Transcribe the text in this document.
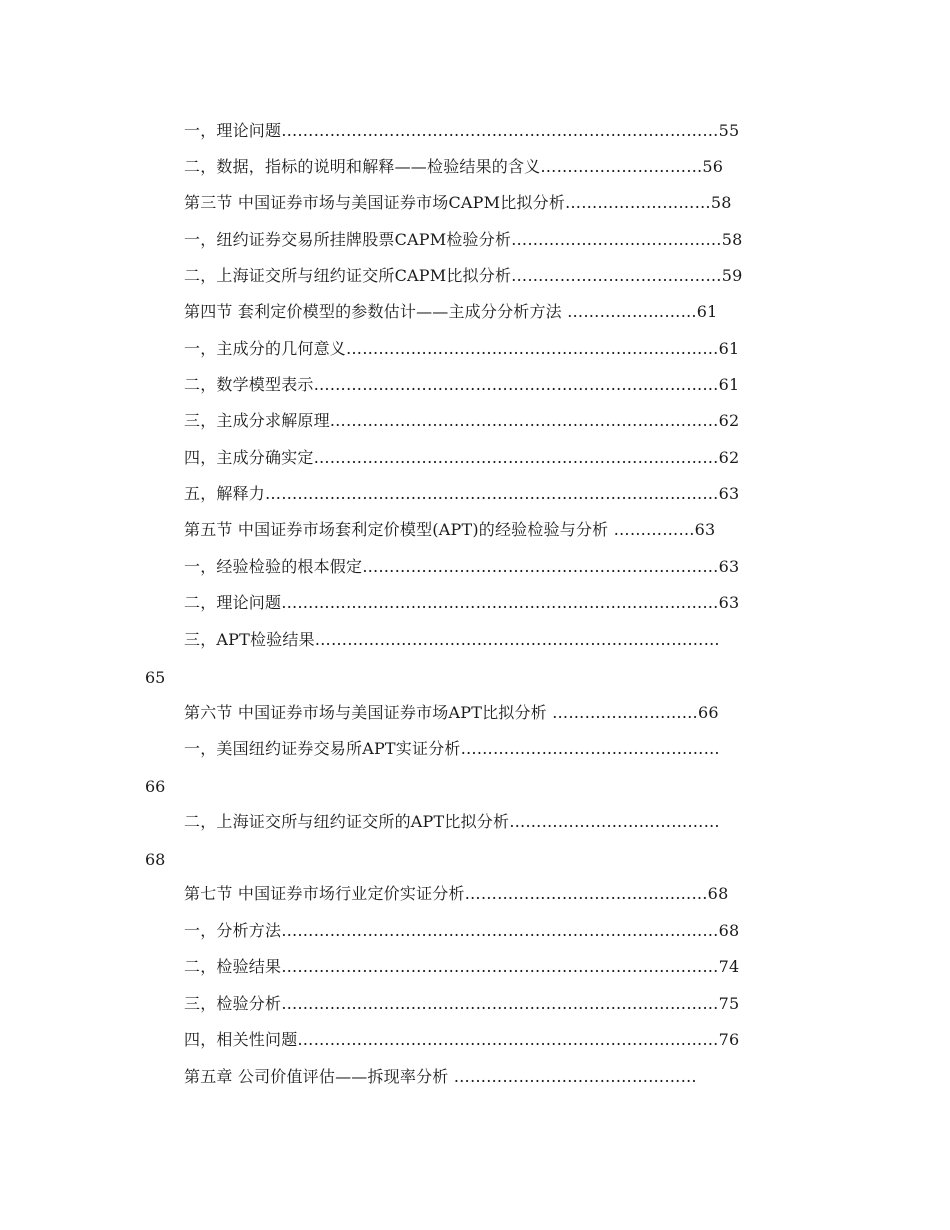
一，理论问题………………………………………………………………………55
二，数据，指标的说明和解释——检验结果的含义…………………………56
第三节 中国证券市场与美国证券市场CAPM比拟分析………………………58
一，纽约证券交易所挂牌股票CAPM检验分析…………………………………58
二，上海证交所与纽约证交所CAPM比拟分析…………………………………59
第四节 套利定价模型的参数估计——主成分分析方法 ……………………61
一，主成分的几何意义……………………………………………………………61
二，数学模型表示…………………………………………………………………61
三，主成分求解原理………………………………………………………………62
四，主成分确实定…………………………………………………………………62
五，解释力…………………………………………………………………………63
第五节 中国证券市场套利定价模型(APT)的经验检验与分析 ……………63
一，经验检验的根本假定…………………………………………………………63
二，理论问题………………………………………………………………………63
三，APT检验结果…………………………………………………………………
65
第六节 中国证券市场与美国证券市场APT比拟分析 ………………………66
一，美国纽约证券交易所APT实证分析…………………………………………
66
二，上海证交所与纽约证交所的APT比拟分析…………………………………
68
第七节 中国证券市场行业定价实证分析………………………………………68
一，分析方法………………………………………………………………………68
二，检验结果………………………………………………………………………74
三，检验分析………………………………………………………………………75
四，相关性问题……………………………………………………………………76
第五章 公司价值评估——拆现率分析 ………………………………………
